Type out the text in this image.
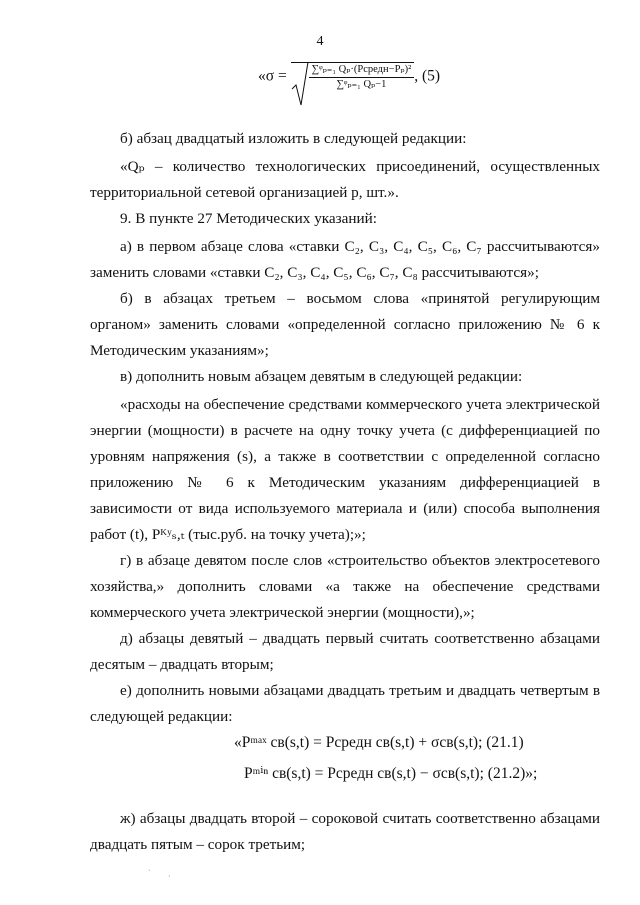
4
«$\sigma = \frac{\text{∑ᵠₚ₌₁ Qₚ·(Pсредн−Pₚ)²}}{\text{∑ᵠₚ₌₁ Qₚ−1}}$ , (5)
б) абзац двадцатый изложить в следующей редакции:
«Qₚ – количество технологических присоединений, осуществленных территориальной сетевой организацией р, шт.».
9. В пункте 27 Методических указаний:
а) в первом абзаце слова «ставки C₂, C₃, C₄, C₅, C₆, C₇ рассчитываются» заменить словами «ставки C₂, C₃, C₄, C₅, C₆, C₇, C₈ рассчитываются»;
б) в абзацах третьем – восьмом слова «принятой регулирующим органом» заменить словами «определенной согласно приложению № 6 к Методическим указаниям»;
в) дополнить новым абзацем девятым в следующей редакции:
«расходы на обеспечение средствами коммерческого учета электрической энергии (мощности) в расчете на одну точку учета (с дифференциацией по уровням напряжения (s), а также в соответствии с определенной согласно приложению № 6 к Методическим указаниям дифференциацией в зависимости от вида используемого материала и (или) способа выполнения работ (t), Pᴷʸₛ,ₜ (тыс.руб. на точку учета);»;
г) в абзаце девятом после слов «строительство объектов электросетевого хозяйства,» дополнить словами «а также на обеспечение средствами коммерческого учета электрической энергии (мощности),»;
д) абзацы девятый – двадцать первый считать соответственно абзацами десятым – двадцать вторым;
е) дополнить новыми абзацами двадцать третьим и двадцать четвертым в следующей редакции:
«Pᵐᵃˣ св(s,t) = Pсредн св(s,t) + σсв(s,t); (21.1)
Pᵐⁱⁿ св(s,t) = Pсредн св(s,t) − σсв(s,t); (21.2)»;
ж) абзацы двадцать второй – сороковой считать соответственно абзацами двадцать пятым – сорок третьим;
ˎ
·
